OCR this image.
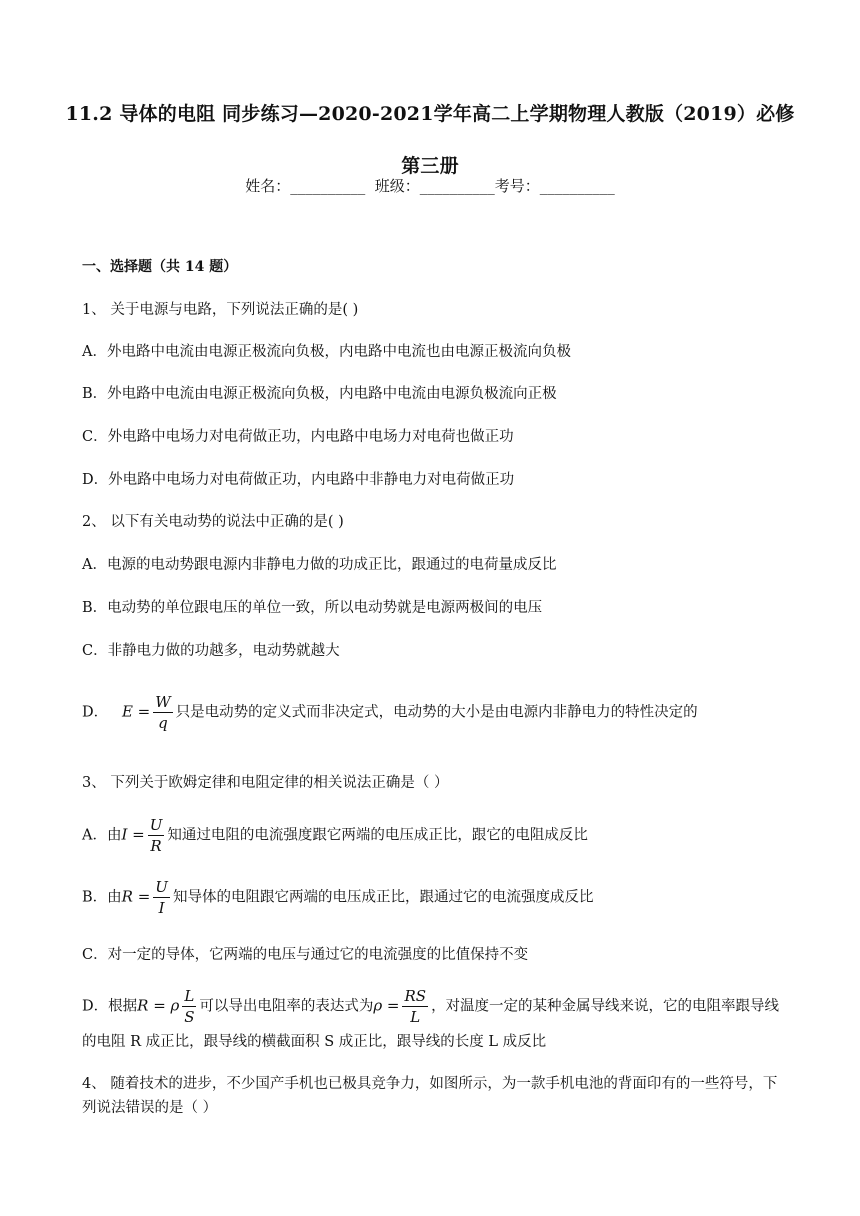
11.2 导体的电阻 同步练习—2020-2021学年高二上学期物理人教版（2019）必修第三册
姓名：__________ 班级：__________考号：__________
一、选择题（共 14 题）
1、 关于电源与电路，下列说法正确的是( )
A．外电路中电流由电源正极流向负极，内电路中电流也由电源正极流向负极
B．外电路中电流由电源正极流向负极，内电路中电流由电源负极流向正极
C．外电路中电场力对电荷做正功，内电路中电场力对电荷也做正功
D．外电路中电场力对电荷做正功，内电路中非静电力对电荷做正功
2、 以下有关电动势的说法中正确的是( )
A．电源的电动势跟电源内非静电力做的功成正比，跟通过的电荷量成反比
B．电动势的单位跟电压的单位一致，所以电动势就是电源两极间的电压
C．非静电力做的功越多，电动势就越大
D． $E = \frac{W}{q}$ 只是电动势的定义式而非决定式，电动势的大小是由电源内非静电力的特性决定的
3、 下列关于欧姆定律和电阻定律的相关说法正确是（ ）
A．由$I = \frac{U}{R}$ 知通过电阻的电流强度跟它两端的电压成正比，跟它的电阻成反比
B．由$R = \frac{U}{I}$ 知导体的电阻跟它两端的电压成正比，跟通过它的电流强度成反比
C．对一定的导体，它两端的电压与通过它的电流强度的比值保持不变
D．根据R = ρ $\frac{L}{S}$ 可以导出电阻率的表达式为$\rho = \frac{RS}{L}$ ，对温度一定的某种金属导线来说，它的电阻率跟导线的电阻 R 成正比，跟导线的横截面积 S 成正比，跟导线的长度 L 成反比
4、 随着技术的进步，不少国产手机也已极具竞争力，如图所示，为一款手机电池的背面印有的一些符号，下列说法错误的是（ ）
